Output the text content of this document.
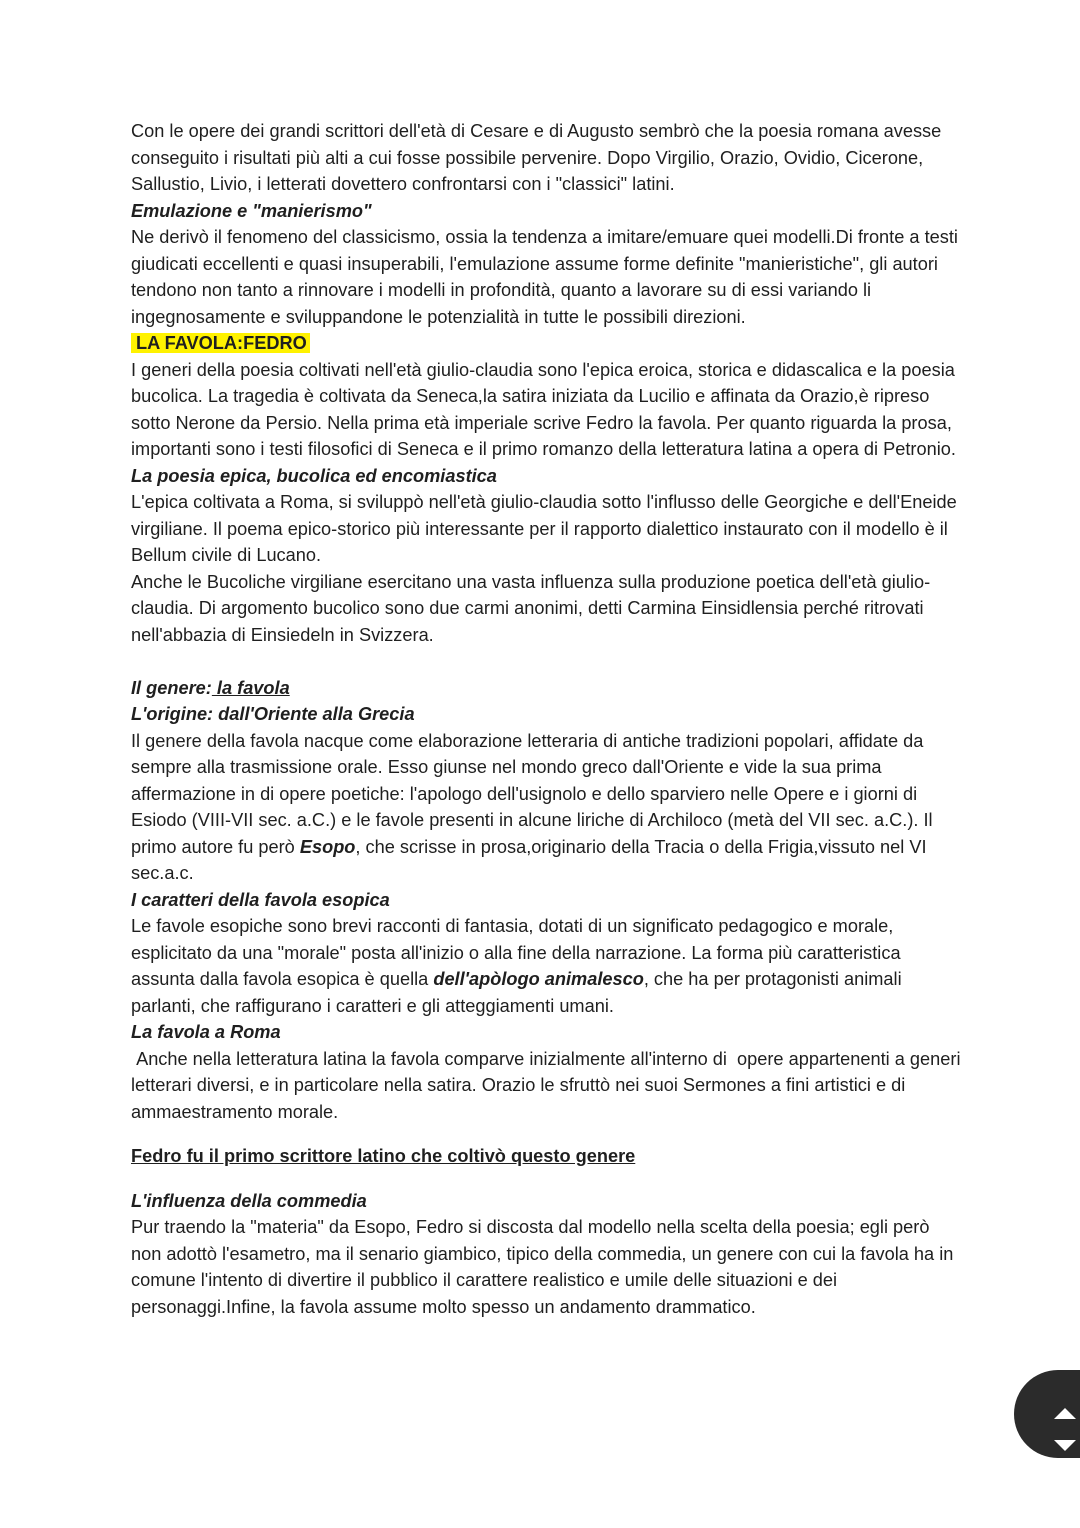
Con le opere dei grandi scrittori dell'età di Cesare e di Augusto sembrò che la poesia romana avesse conseguito i risultati più alti a cui fosse possibile pervenire. Dopo Virgilio, Orazio, Ovidio, Cicerone, Sallustio, Livio, i letterati dovettero confrontarsi con i "classici" latini.

Emulazione e "manierismo"

Ne derivò il fenomeno del classicismo, ossia la tendenza a imitare/emuare quei modelli.Di fronte a testi giudicati eccellenti e quasi insuperabili, l'emulazione assume forme definite "manieristiche", gli autori tendono non tanto a rinnovare i modelli in profondità, quanto a lavorare su di essi variando li ingegnosamente e sviluppandone le potenzialità in tutte le possibili direzioni.

LA FAVOLA:FEDRO

I generi della poesia coltivati nell'età giulio-claudia sono l'epica eroica, storica e didascalica e la poesia bucolica. La tragedia è coltivata da Seneca,la satira iniziata da Lucilio e affinata da Orazio,è ripreso sotto Nerone da Persio. Nella prima età imperiale scrive Fedro la favola. Per quanto riguarda la prosa, importanti sono i testi filosofici di Seneca e il primo romanzo della letteratura latina a opera di Petronio.

La poesia epica, bucolica ed encomiastica

L'epica coltivata a Roma, si sviluppò nell'età giulio-claudia sotto l'influsso delle Georgiche e dell'Eneide virgiliane. Il poema epico-storico più interessante per il rapporto dialettico instaurato con il modello è il Bellum civile di Lucano.

Anche le Bucoliche virgiliane esercitano una vasta influenza sulla produzione poetica dell'età giulio-claudia. Di argomento bucolico sono due carmi anonimi, detti Carmina Einsidlensia perché ritrovati nell'abbazia di Einsiedeln in Svizzera.

Il genere: la favola

L'origine: dall'Oriente alla Grecia

Il genere della favola nacque come elaborazione letteraria di antiche tradizioni popolari, affidate da sempre alla trasmissione orale. Esso giunse nel mondo greco dall'Oriente e vide la sua prima affermazione in di opere poetiche: l'apologo dell'usignolo e dello sparviero nelle Opere e i giorni di Esiodo (VIII-VII sec. a.C.) e le favole presenti in alcune liriche di Archiloco (metà del VII sec. a.C.). Il primo autore fu però Esopo, che scrisse in prosa,originario della Tracia o della Frigia,vissuto nel VI sec.a.c.

I caratteri della favola esopica

Le favole esopiche sono brevi racconti di fantasia, dotati di un significato pedagogico e morale, esplicitato da una "morale" posta all'inizio o alla fine della narrazione. La forma più caratteristica assunta dalla favola esopica è quella dell'apòlogo animalesco, che ha per protagonisti animali parlanti, che raffigurano i caratteri e gli atteggiamenti umani.

La favola a Roma

Anche nella letteratura latina la favola comparve inizialmente all'interno di  opere appartenenti a generi letterari diversi, e in particolare nella satira. Orazio le sfruttò nei suoi Sermones a fini artistici e di ammaestramento morale.

Fedro fu il primo scrittore latino che coltivò questo genere

L'influenza della commedia

Pur traendo la "materia" da Esopo, Fedro si discosta dal modello nella scelta della poesia; egli però non adottò l'esametro, ma il senario giambico, tipico della commedia, un genere con cui la favola ha in comune l'intento di divertire il pubblico il carattere realistico e umile delle situazioni e dei personaggi.Infine, la favola assume molto spesso un andamento drammatico.
